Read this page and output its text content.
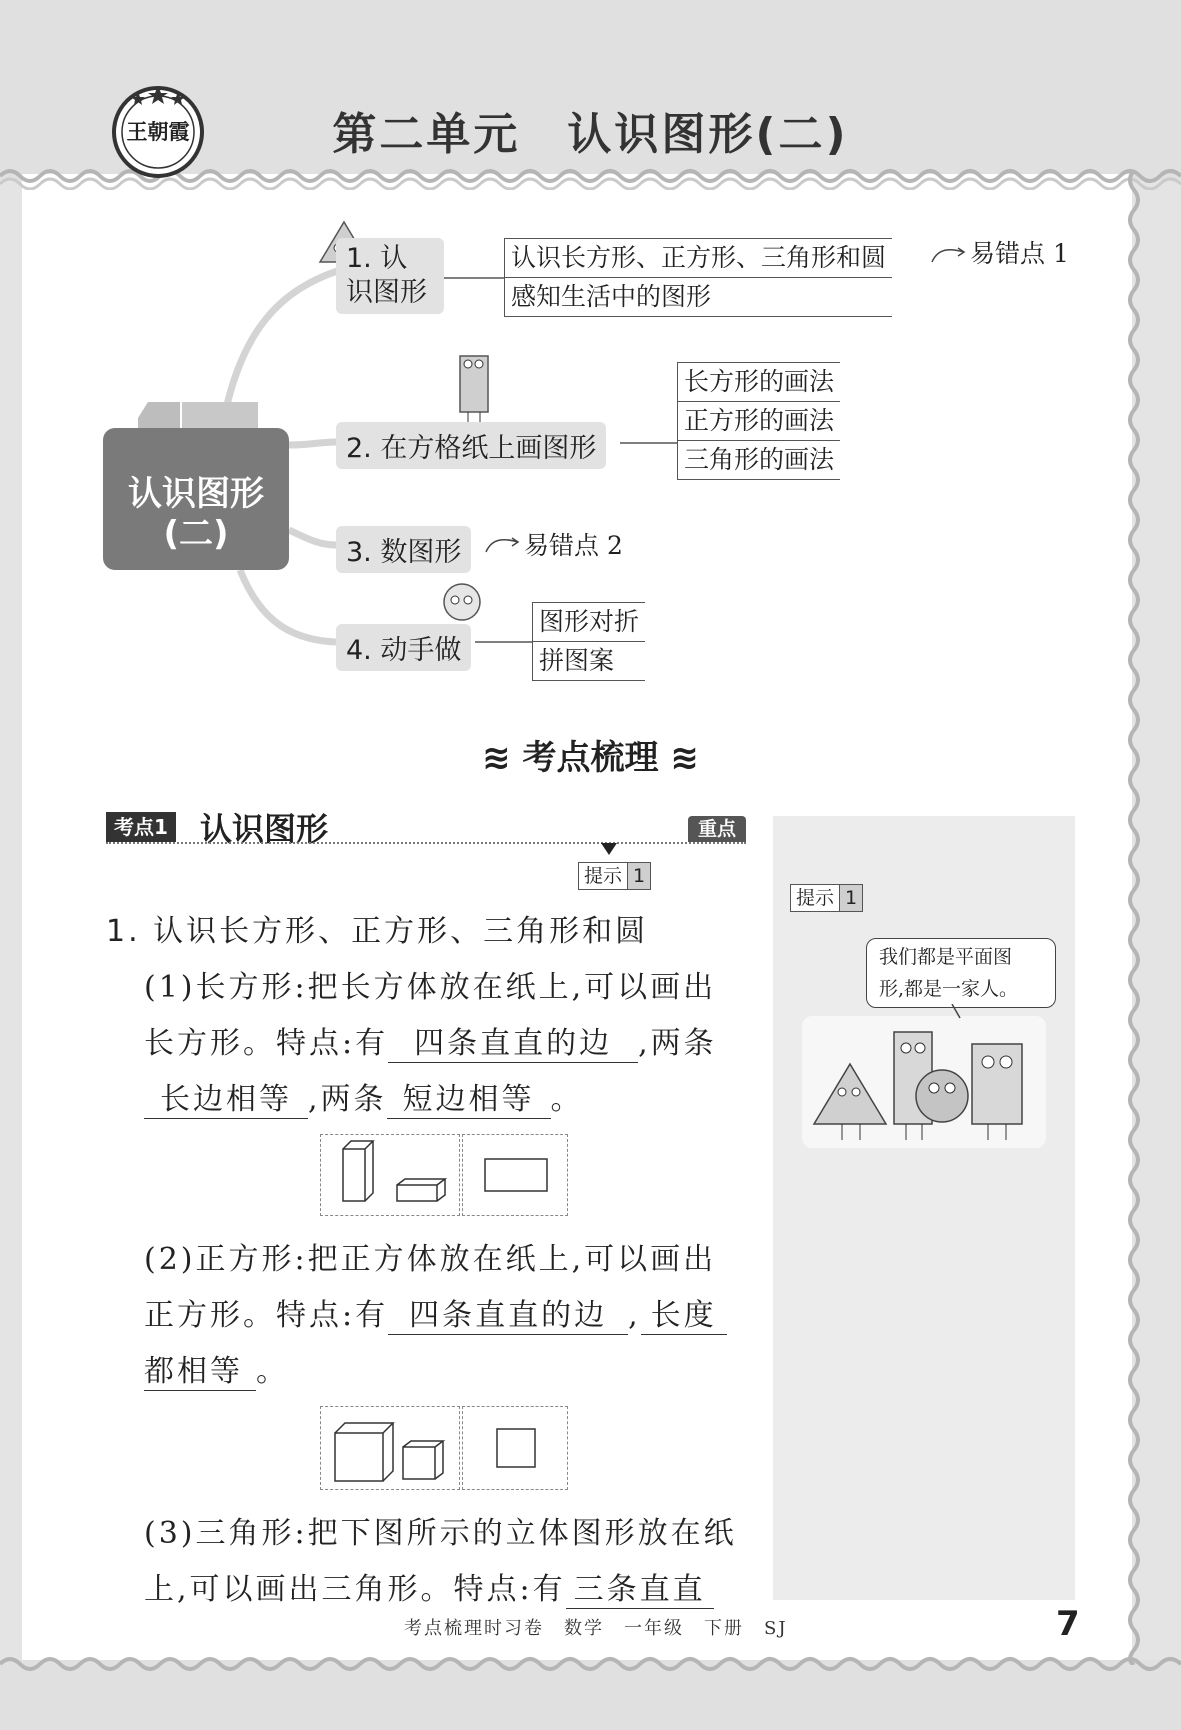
王朝霞	第二单元　认识图形(二)
认识图形
(二)
1. 认
识图形
认识长方形、正方形、三角形和圆
感知生活中的图形
易错点 1
2. 在方格纸上画图形
长方形的画法
正方形的画法
三角形的画法
3. 数图形	易错点 2
4. 动手做
图形对折
拼图案
≋ 考点梳理 ≋
考点1 认识图形	重点
提示 1
1. 认识长方形、正方形、三角形和圆
(1)长方形:把长方体放在纸上,可以画出
长方形。特点:有 四条直直的边 ,两条
长边相等 ,两条 短边相等 。
(2)正方形:把正方体放在纸上,可以画出
正方形。特点:有 四条直直的边 , 长度
都相等 。
(3)三角形:把下图所示的立体图形放在纸
上,可以画出三角形。特点:有 三条直直
提示 1
我们都是平面图
形,都是一家人。
考点梳理时习卷　数学　一年级　下册　SJ	7
